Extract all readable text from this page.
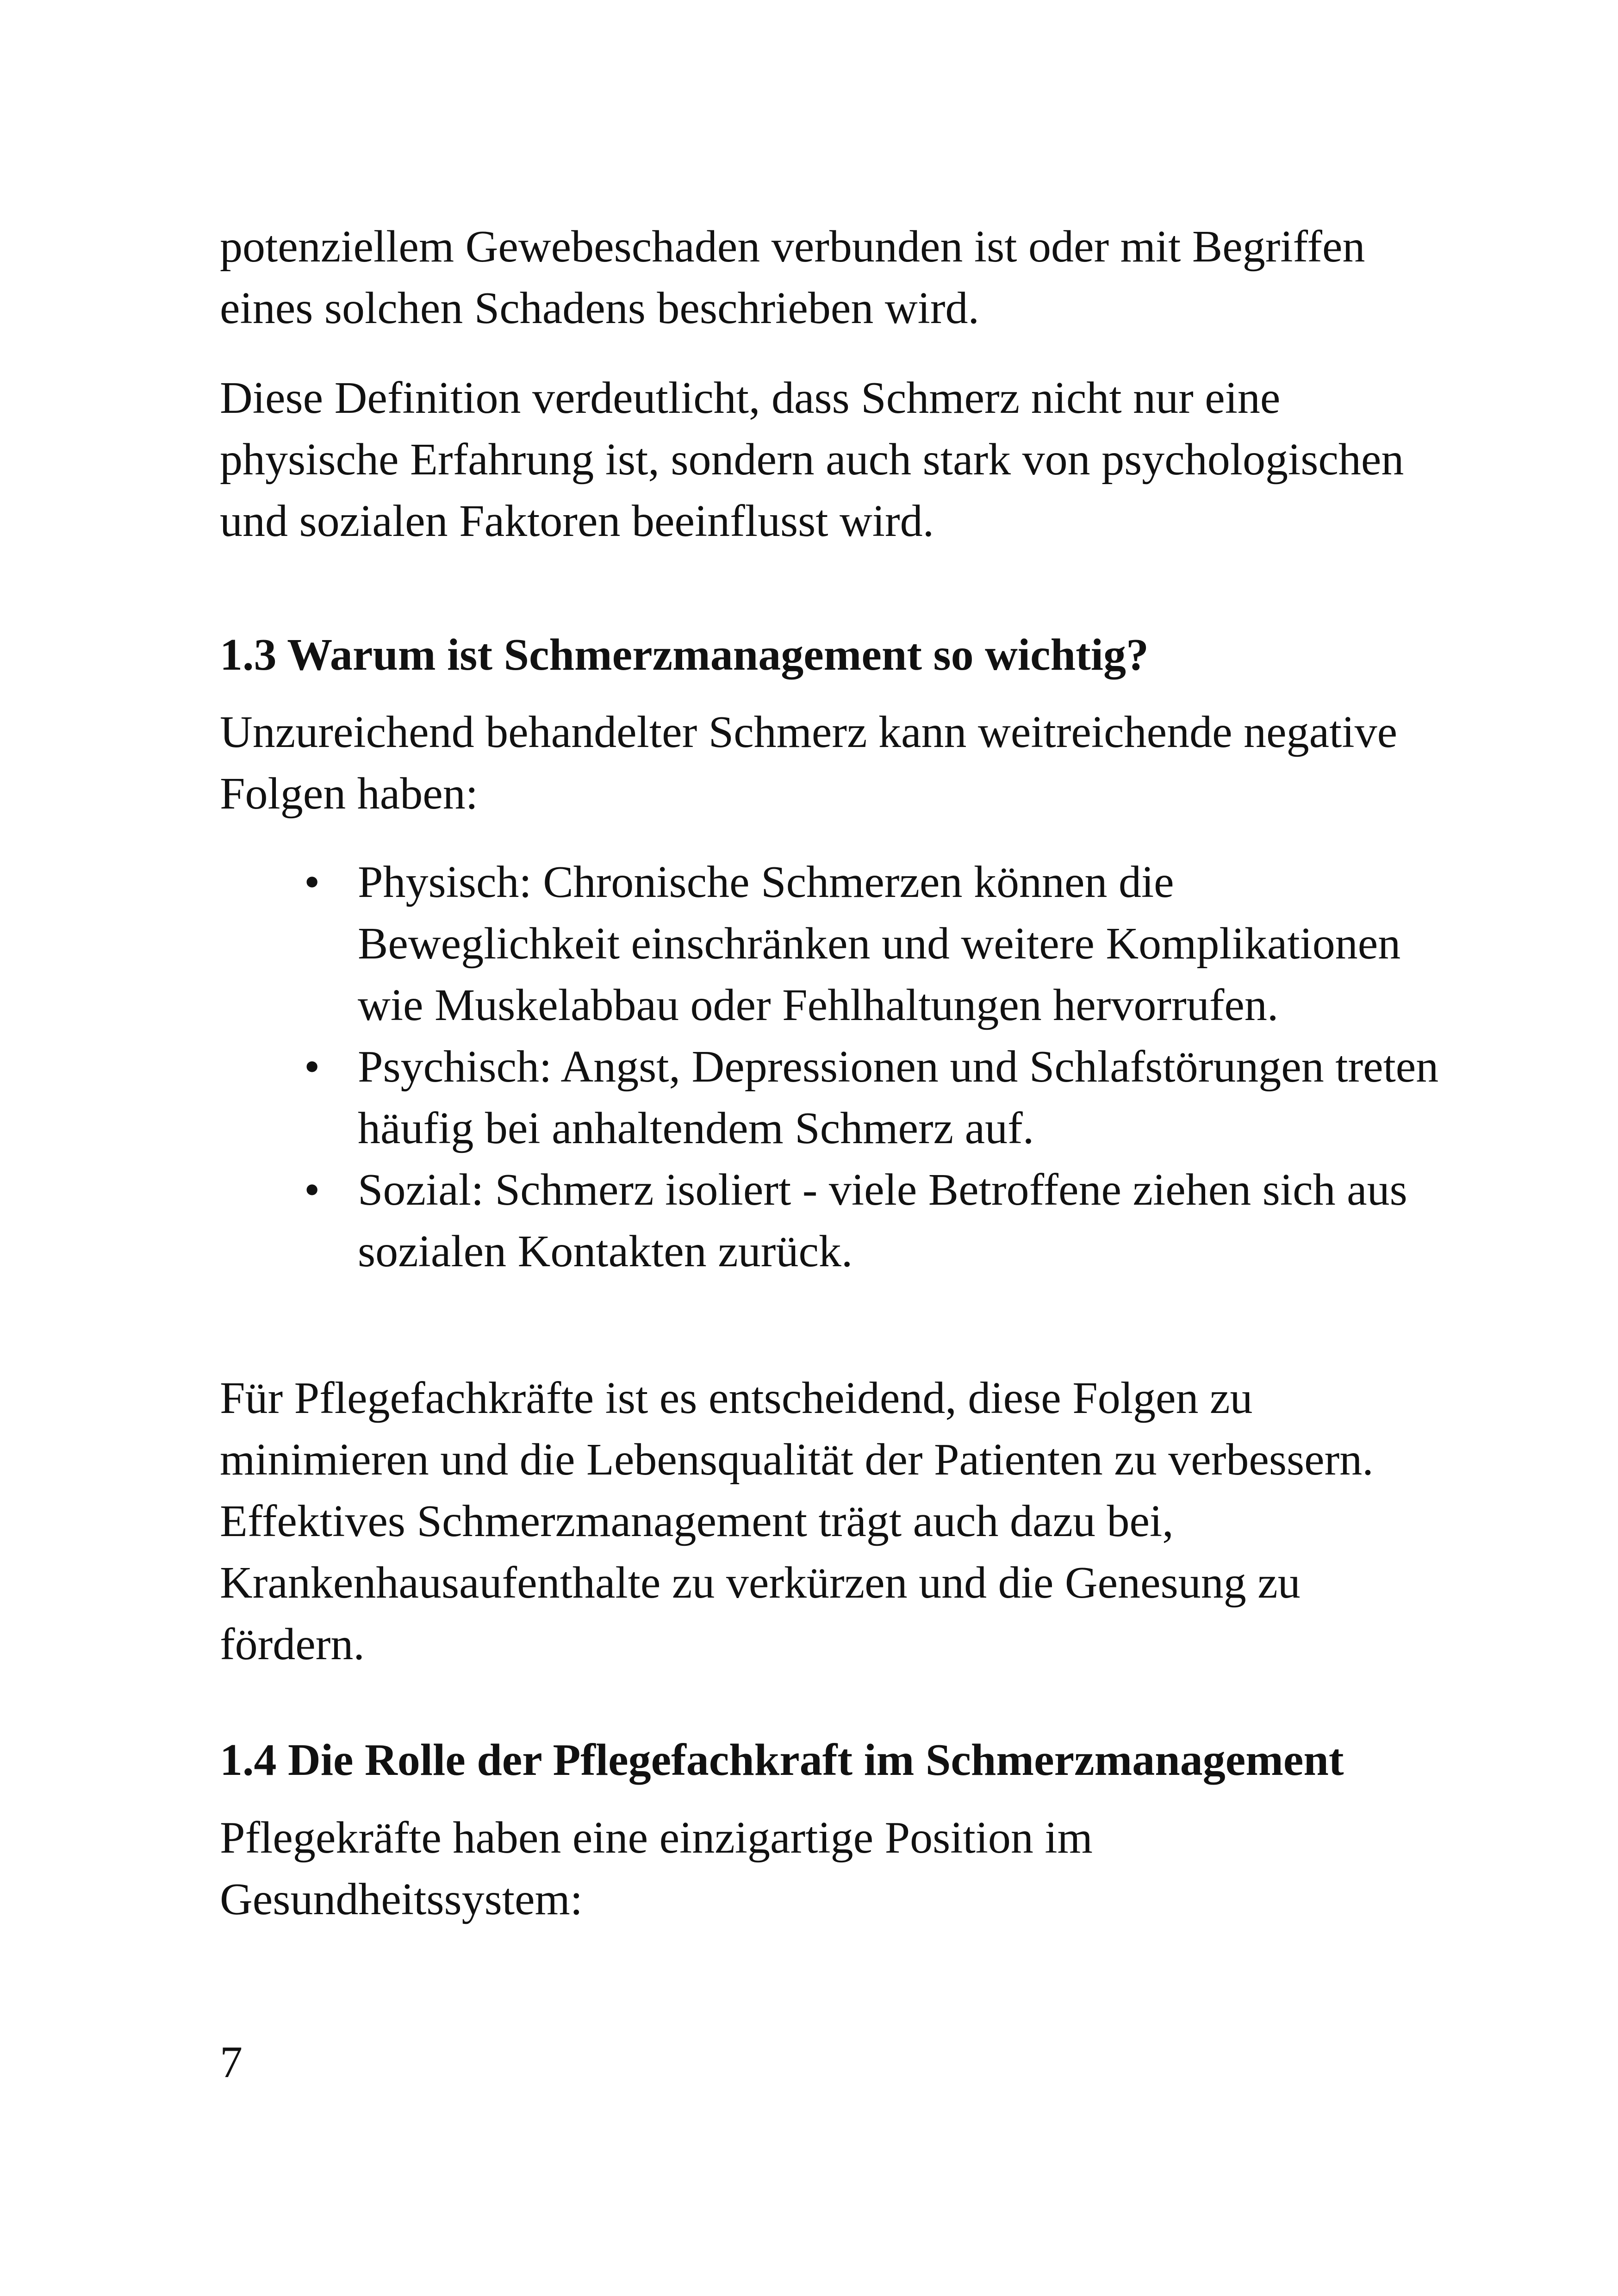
potenziellem Gewebeschaden verbunden ist oder mit Begriffen eines solchen Schadens beschrieben wird.

Diese Definition verdeutlicht, dass Schmerz nicht nur eine physische Erfahrung ist, sondern auch stark von psychologischen und sozialen Faktoren beeinflusst wird.

1.3 Warum ist Schmerzmanagement so wichtig?

Unzureichend behandelter Schmerz kann weitreichende negative Folgen haben:

• Physisch: Chronische Schmerzen können die Beweglichkeit einschränken und weitere Komplikationen wie Muskelabbau oder Fehlhaltungen hervorrufen.
• Psychisch: Angst, Depressionen und Schlafstörungen treten häufig bei anhaltendem Schmerz auf.
• Sozial: Schmerz isoliert - viele Betroffene ziehen sich aus sozialen Kontakten zurück.

Für Pflegefachkräfte ist es entscheidend, diese Folgen zu minimieren und die Lebensqualität der Patienten zu verbessern. Effektives Schmerzmanagement trägt auch dazu bei, Krankenhausaufenthalte zu verkürzen und die Genesung zu fördern.

1.4 Die Rolle der Pflegefachkraft im Schmerzmanagement

Pflegekräfte haben eine einzigartige Position im Gesundheitssystem:

7
